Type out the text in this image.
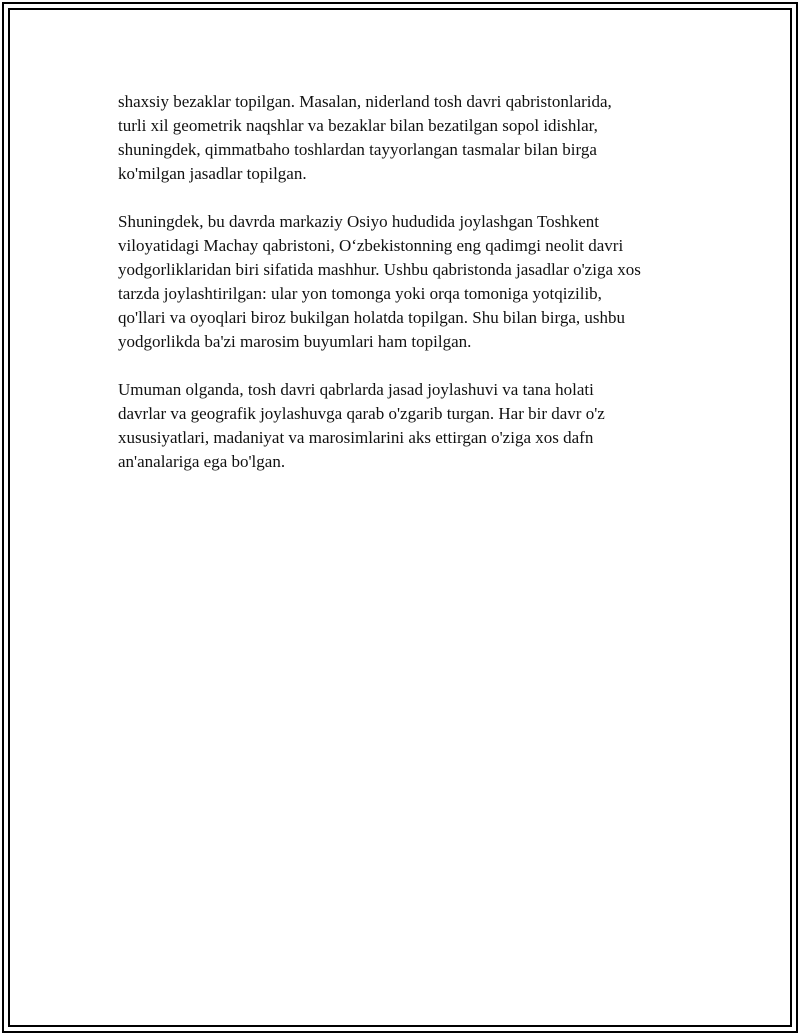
shaxsiy bezaklar topilgan. Masalan, niderland tosh davri qabristonlarida,
turli xil geometrik naqshlar va bezaklar bilan bezatilgan sopol idishlar,
shuningdek, qimmatbaho toshlardan tayyorlangan tasmalar bilan birga
ko'milgan jasadlar topilgan.

Shuningdek, bu davrda markaziy Osiyo hududida joylashgan Toshkent
viloyatidagi Machay qabristoni, O‘zbekistonning eng qadimgi neolit davri
yodgorliklaridan biri sifatida mashhur. Ushbu qabristonda jasadlar o'ziga xos
tarzda joylashtirilgan: ular yon tomonga yoki orqa tomoniga yotqizilib,
qo'llari va oyoqlari biroz bukilgan holatda topilgan. Shu bilan birga, ushbu
yodgorlikda ba'zi marosim buyumlari ham topilgan.

Umuman olganda, tosh davri qabrlarda jasad joylashuvi va tana holati
davrlar va geografik joylashuvga qarab o'zgarib turgan. Har bir davr o'z
xususiyatlari, madaniyat va marosimlarini aks ettirgan o'ziga xos dafn
an'analariga ega bo'lgan.
